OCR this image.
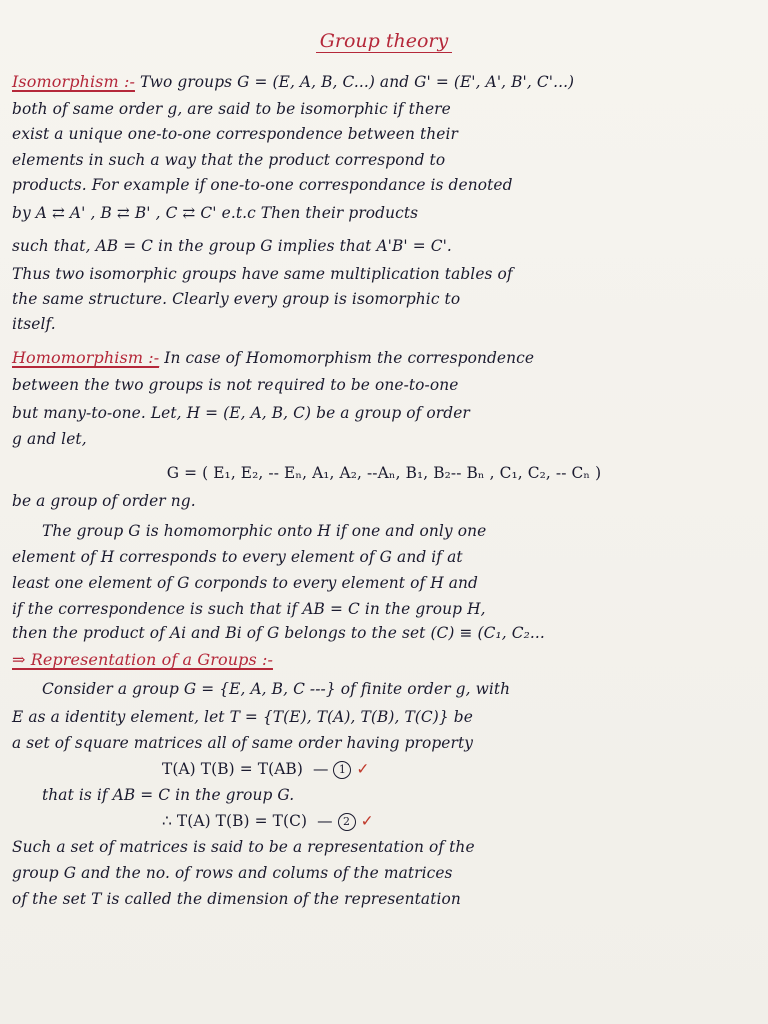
Group theory
Isomorphism :- Two groups G = (E, A, B, C...) and G' = (E', A', B', C'...)
both of same order g, are said to be isomorphic if there
exist a unique one-to-one correspondence between their
elements in such a way that the product correspond to
products. For example if one-to-one correspondance is denoted
by A ⇄ A' , B ⇄ B' , C ⇄ C' e.t.c Then their products
such that, AB = C in the group G implies that A'B' = C'.
Thus two isomorphic groups have same multiplication tables of
the same structure. Clearly every group is isomorphic to
itself.
Homomorphism :- In case of Homomorphism the correspondence
between the two groups is not required to be one-to-one
but many-to-one. Let, H = (E, A, B, C) be a group of order
g and let,
G = ( E₁, E₂, -- Eₙ, A₁, A₂, --Aₙ, B₁, B₂-- Bₙ , C₁, C₂, -- Cₙ )
be a group of order ng.
The group G is homomorphic onto H if one and only one
element of H corresponds to every element of G and if at
least one element of G corponds to every element of H and
if the correspondence is such that if AB = C in the group H,
then the product of Ai and Bi of G belongs to the set (C) ≡ (C₁, C₂...
⇒ Representation of a Groups :-
Consider a group G = {E, A, B, C ---} of finite order g, with
E as a identity element, let T = {T(E), T(A), T(B), T(C)} be
a set of square matrices all of same order having property
T(A) T(B) = T(AB)  — 1 ✓
that is if AB = C in the group G.
∴ T(A) T(B) = T(C)  — 2 ✓
Such a set of matrices is said to be a representation of the
group G and the no. of rows and colums of the matrices
of the set T is called the dimension of the representation
